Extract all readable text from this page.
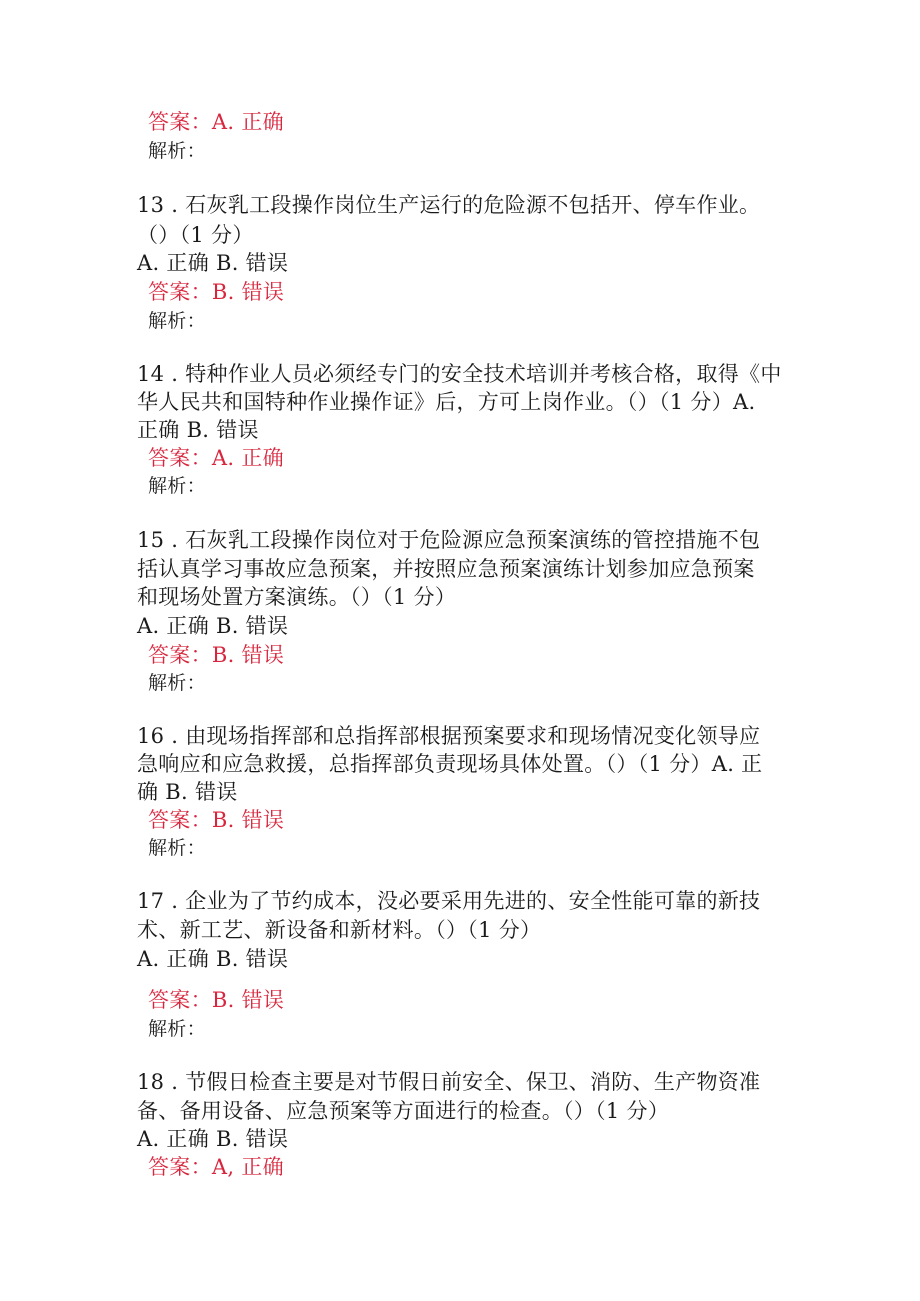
答案：A. 正确
解析：
13 . 石灰乳工段操作岗位生产运行的危险源不包括开、停车作业。
（）（1 分）
A. 正确 B. 错误
答案：B. 错误
解析：
14 . 特种作业人员必须经专门的安全技术培训并考核合格，取得《中
华人民共和国特种作业操作证》后，方可上岗作业。（）（1 分）A.
正确 B. 错误
答案：A. 正确
解析：
15 . 石灰乳工段操作岗位对于危险源应急预案演练的管控措施不包
括认真学习事故应急预案，并按照应急预案演练计划参加应急预案
和现场处置方案演练。（）（1 分）
A. 正确 B. 错误
答案：B. 错误
解析：
16 . 由现场指挥部和总指挥部根据预案要求和现场情况变化领导应
急响应和应急救援，总指挥部负责现场具体处置。（）（1 分）A. 正
确 B. 错误
答案：B. 错误
解析：
17 . 企业为了节约成本，没必要采用先进的、安全性能可靠的新技
术、新工艺、新设备和新材料。（）（1 分）
A. 正确 B. 错误
答案：B. 错误
解析：
18 . 节假日检查主要是对节假日前安全、保卫、消防、生产物资准
备、备用设备、应急预案等方面进行的检查。（）（1 分）
A. 正确 B. 错误
答案：A, 正确
